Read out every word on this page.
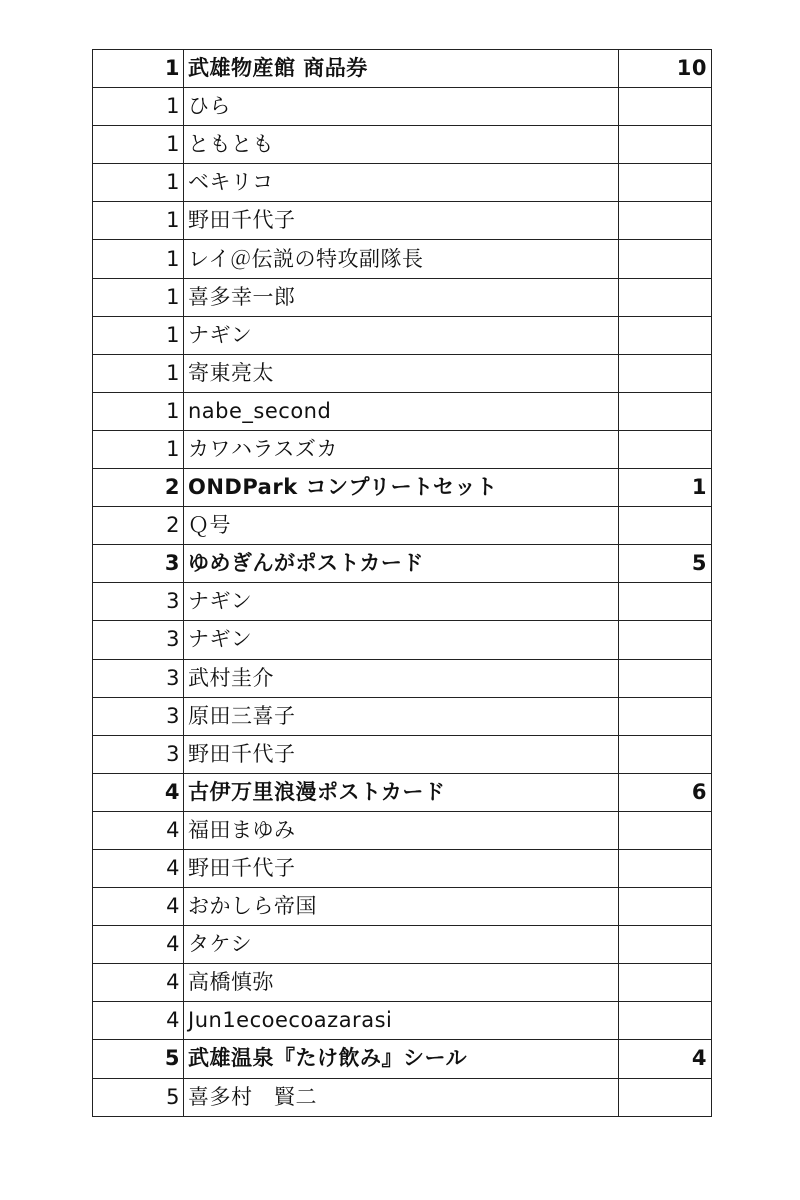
1	武雄物産館 商品券	10
1	ひら	
1	ともとも	
1	ベキリコ	
1	野田千代子	
1	レイ＠伝説の特攻副隊長	
1	喜多幸一郎	
1	ナギン	
1	寄東亮太	
1	nabe_second	
1	カワハラスズカ	
2	ONDPark コンプリートセット	1
2	Ｑ号	
3	ゆめぎんがポストカード	5
3	ナギン	
3	ナギン	
3	武村圭介	
3	原田三喜子	
3	野田千代子	
4	古伊万里浪漫ポストカード	6
4	福田まゆみ	
4	野田千代子	
4	おかしら帝国	
4	タケシ	
4	高橋慎弥	
4	Jun1ecoecoazarasi	
5	武雄温泉『たけ飲み』シール	4
5	喜多村　賢二	
